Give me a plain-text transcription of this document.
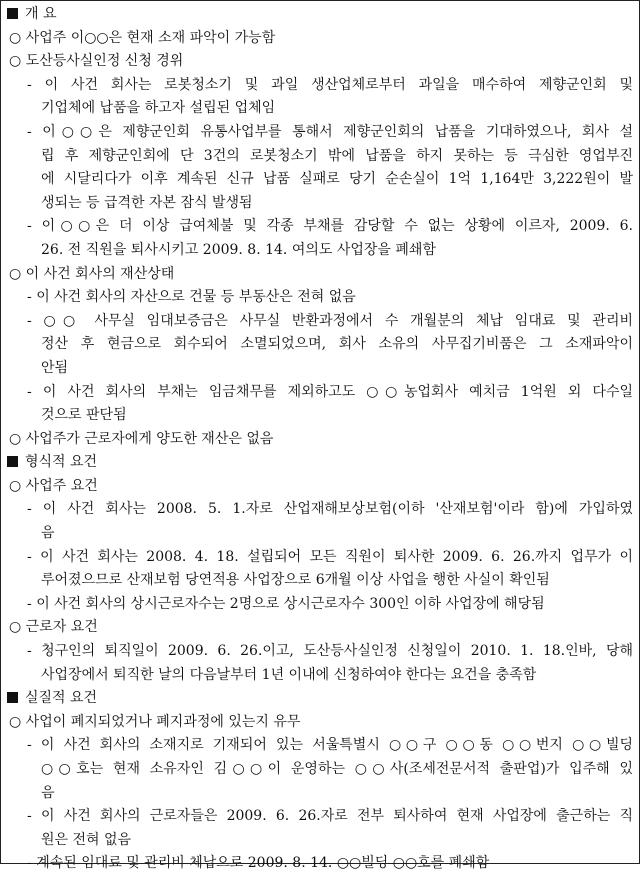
개 요
○ 사업주 이○○은 현재 소재 파악이 가능함
○ 도산등사실인정 신청 경위
- 이 사건 회사는 로봇청소기 및 과일 생산업체로부터 과일을 매수하여 제향군인회 및
기업체에 납품을 하고자 설립된 업체임
- 이○○은 제향군인회 유통사업부를 통해서 제향군인회의 납품을 기대하였으나, 회사 설
립 후 제향군인회에 단 3건의 로봇청소기 밖에 납품을 하지 못하는 등 극심한 영업부진
에 시달리다가 이후 계속된 신규 납품 실패로 당기 순손실이 1억 1,164만 3,222원이 발
생되는 등 급격한 자본 잠식 발생됨
- 이○○은 더 이상 급여체불 및 각종 부채를 감당할 수 없는 상황에 이르자, 2009. 6.
26. 전 직원을 퇴사시키고 2009. 8. 14. 여의도 사업장을 폐쇄함
○ 이 사건 회사의 재산상태
- 이 사건 회사의 자산으로 건물 등 부동산은 전혀 없음
- ○○ 사무실 임대보증금은 사무실 반환과정에서 수 개월분의 체납 임대료 및 관리비
정산 후 현금으로 회수되어 소멸되었으며, 회사 소유의 사무집기비품은 그 소재파악이
안됨
- 이 사건 회사의 부채는 임금채무를 제외하고도 ○○농업회사 예치금 1억원 외 다수일
것으로 판단됨
○ 사업주가 근로자에게 양도한 재산은 없음
형식적 요건
○ 사업주 요건
- 이 사건 회사는 2008. 5. 1.자로 산업재해보상보험(이하 '산재보험'이라 함)에 가입하였
음
- 이 사건 회사는 2008. 4. 18. 설립되어 모든 직원이 퇴사한 2009. 6. 26.까지 업무가 이
루어졌으므로 산재보험 당연적용 사업장으로 6개월 이상 사업을 행한 사실이 확인됨
- 이 사건 회사의 상시근로자수는 2명으로 상시근로자수 300인 이하 사업장에 해당됨
○ 근로자 요건
- 청구인의 퇴직일이 2009. 6. 26.이고, 도산등사실인정 신청일이 2010. 1. 18.인바, 당해
사업장에서 퇴직한 날의 다음날부터 1년 이내에 신청하여야 한다는 요건을 충족함
실질적 요건
○ 사업이 폐지되었거나 폐지과정에 있는지 유무
- 이 사건 회사의 소재지로 기재되어 있는 서울특별시 ○○구 ○○동 ○○번지 ○○빌딩
○○호는 현재 소유자인 김○○이 운영하는 ○○사(조세전문서적 출판업)가 입주해 있
음
- 이 사건 회사의 근로자들은 2009. 6. 26.자로 전부 퇴사하여 현재 사업장에 출근하는 직
원은 전혀 없음
- 계속된 임대료 및 관리비 체납으로 2009. 8. 14. ○○빌딩 ○○호를 폐쇄함
